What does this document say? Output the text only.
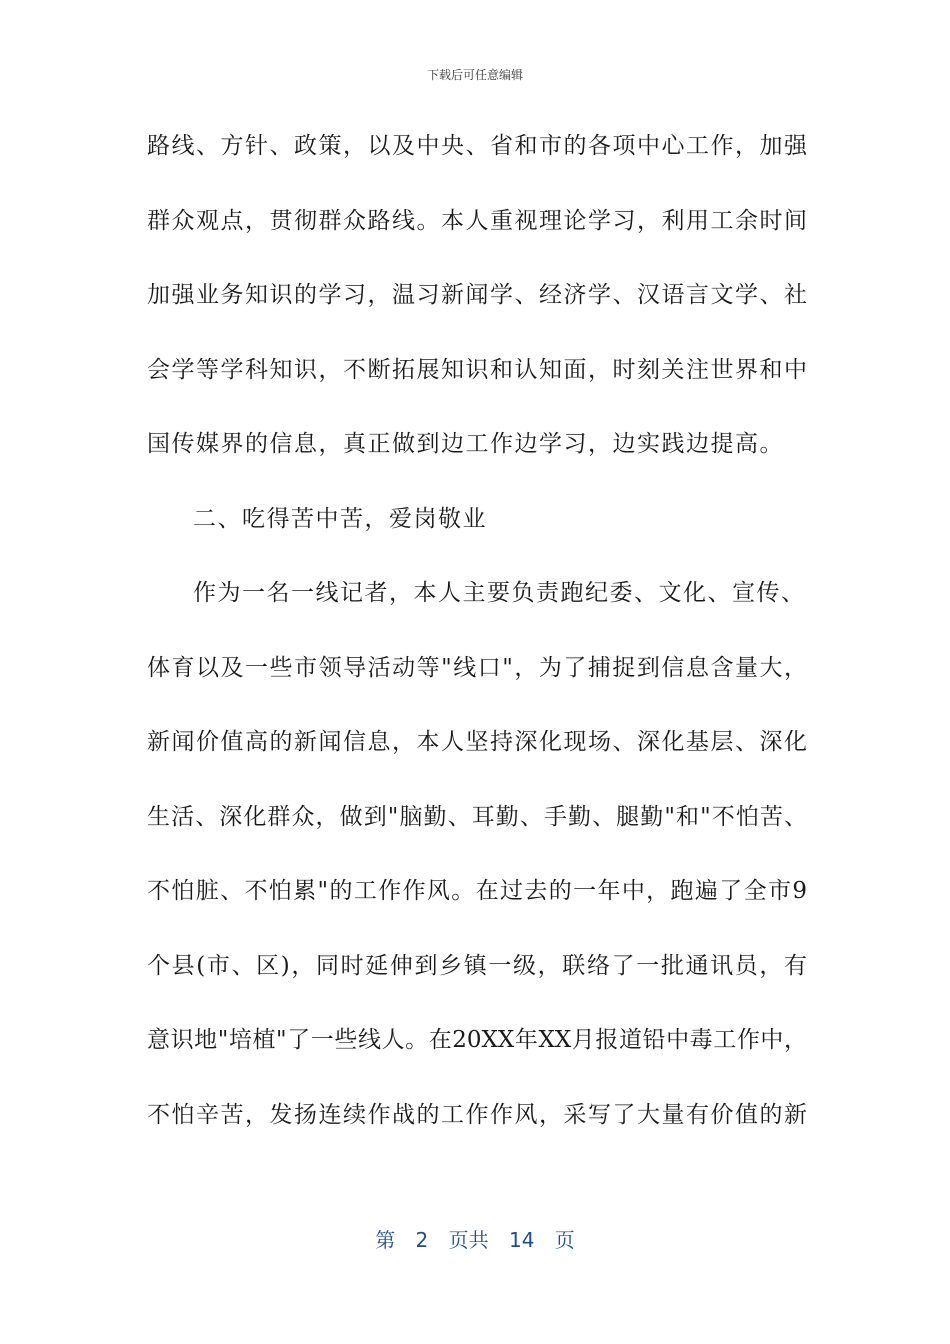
下载后可任意编辑
路线、方针、政策，以及中央、省和市的各项中心工作，加强
群众观点，贯彻群众路线。本人重视理论学习，利用工余时间
加强业务知识的学习，温习新闻学、经济学、汉语言文学、社
会学等学科知识，不断拓展知识和认知面，时刻关注世界和中
国传媒界的信息，真正做到边工作边学习，边实践边提高。
二、吃得苦中苦，爱岗敬业
作为一名一线记者，本人主要负责跑纪委、文化、宣传、
体育以及一些市领导活动等"线口"，为了捕捉到信息含量大，
新闻价值高的新闻信息，本人坚持深化现场、深化基层、深化
生活、深化群众，做到"脑勤、耳勤、手勤、腿勤"和"不怕苦、
不怕脏、不怕累"的工作作风。在过去的一年中，跑遍了全市9
个县(市、区)，同时延伸到乡镇一级，联络了一批通讯员，有
意识地"培植"了一些线人。在20XX年XX月报道铅中毒工作中，
不怕辛苦，发扬连续作战的工作作风，采写了大量有价值的新
第 2 页共 14 页
